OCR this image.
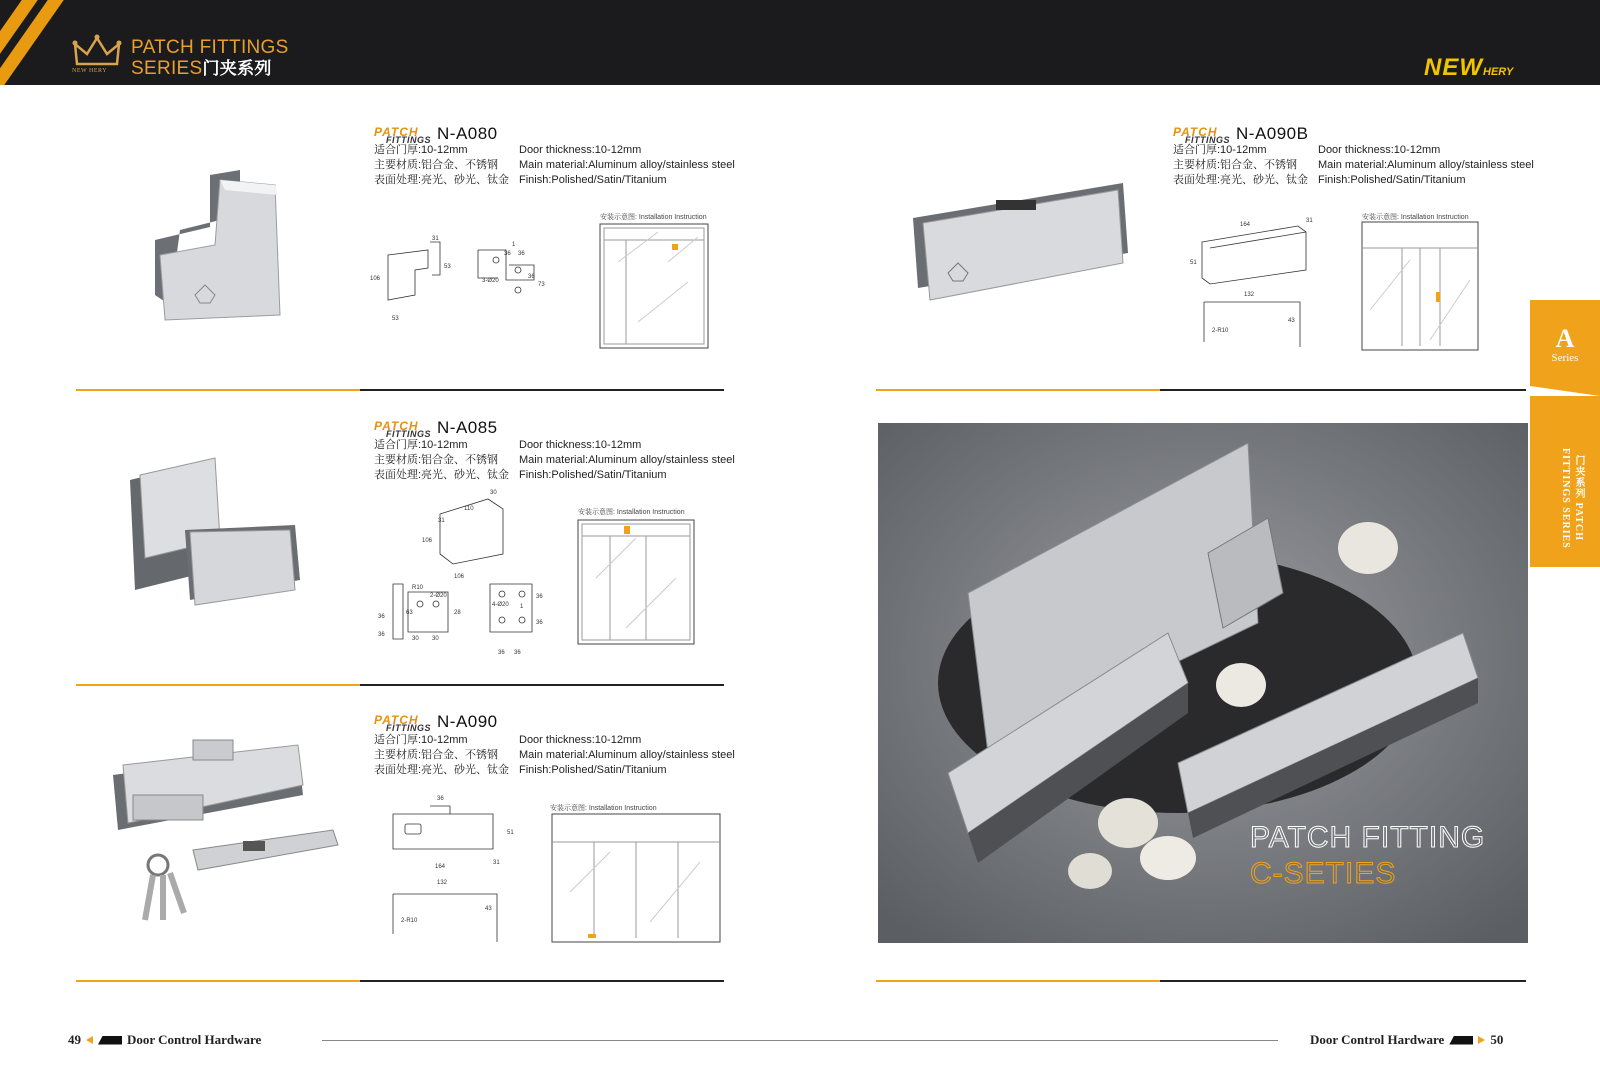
NEW HERY
PATCH FITTINGS
SERIES门夹系列	NEWHERY
PATCH
FITTINGS N-A080
适合门厚:10-12mm	Door thickness:10-12mm
主要材质:铝合金、不锈钢	Main material:Aluminum alloy/stainless steel
表面处理:亮光、砂光、钛金 Finish:Polished/Satin/Titanium
31
53
106
53
1
36 36
3-Ø20
36
73
安装示意图: Installation Instruction
PATCH
FITTINGS N-A085
适合门厚:10-12mm	Door thickness:10-12mm
主要材质:铝合金、不锈钢	Main material:Aluminum alloy/stainless steel
表面处理:亮光、砂光、钛金 Finish:Polished/Satin/Titanium
30
110
31
106
106
R10
2-Ø20
63
36
36
30 30
28
4-Ø20 1
36
36
36 36
安装示意图: Installation Instruction
PATCH
FITTINGS N-A090
适合门厚:10-12mm	Door thickness:10-12mm
主要材质:铝合金、不锈钢	Main material:Aluminum alloy/stainless steel
表面处理:亮光、砂光、钛金 Finish:Polished/Satin/Titanium
36
51
164
31
132
43
2-R10
安装示意图: Installation Instruction
PATCH
FITTINGS N-A090B
适合门厚:10-12mm	Door thickness:10-12mm
主要材质:铝合金、不锈钢	Main material:Aluminum alloy/stainless steel
表面处理:亮光、砂光、钛金 Finish:Polished/Satin/Titanium
164
31
51
132
43
2-R10
安装示意图: Installation Instruction
A
Series
门夹系列 PATCH FITTINGS SERIES
PATCH FITTING
C-SETIES
49	Door Control Hardware	Door Control Hardware	50
